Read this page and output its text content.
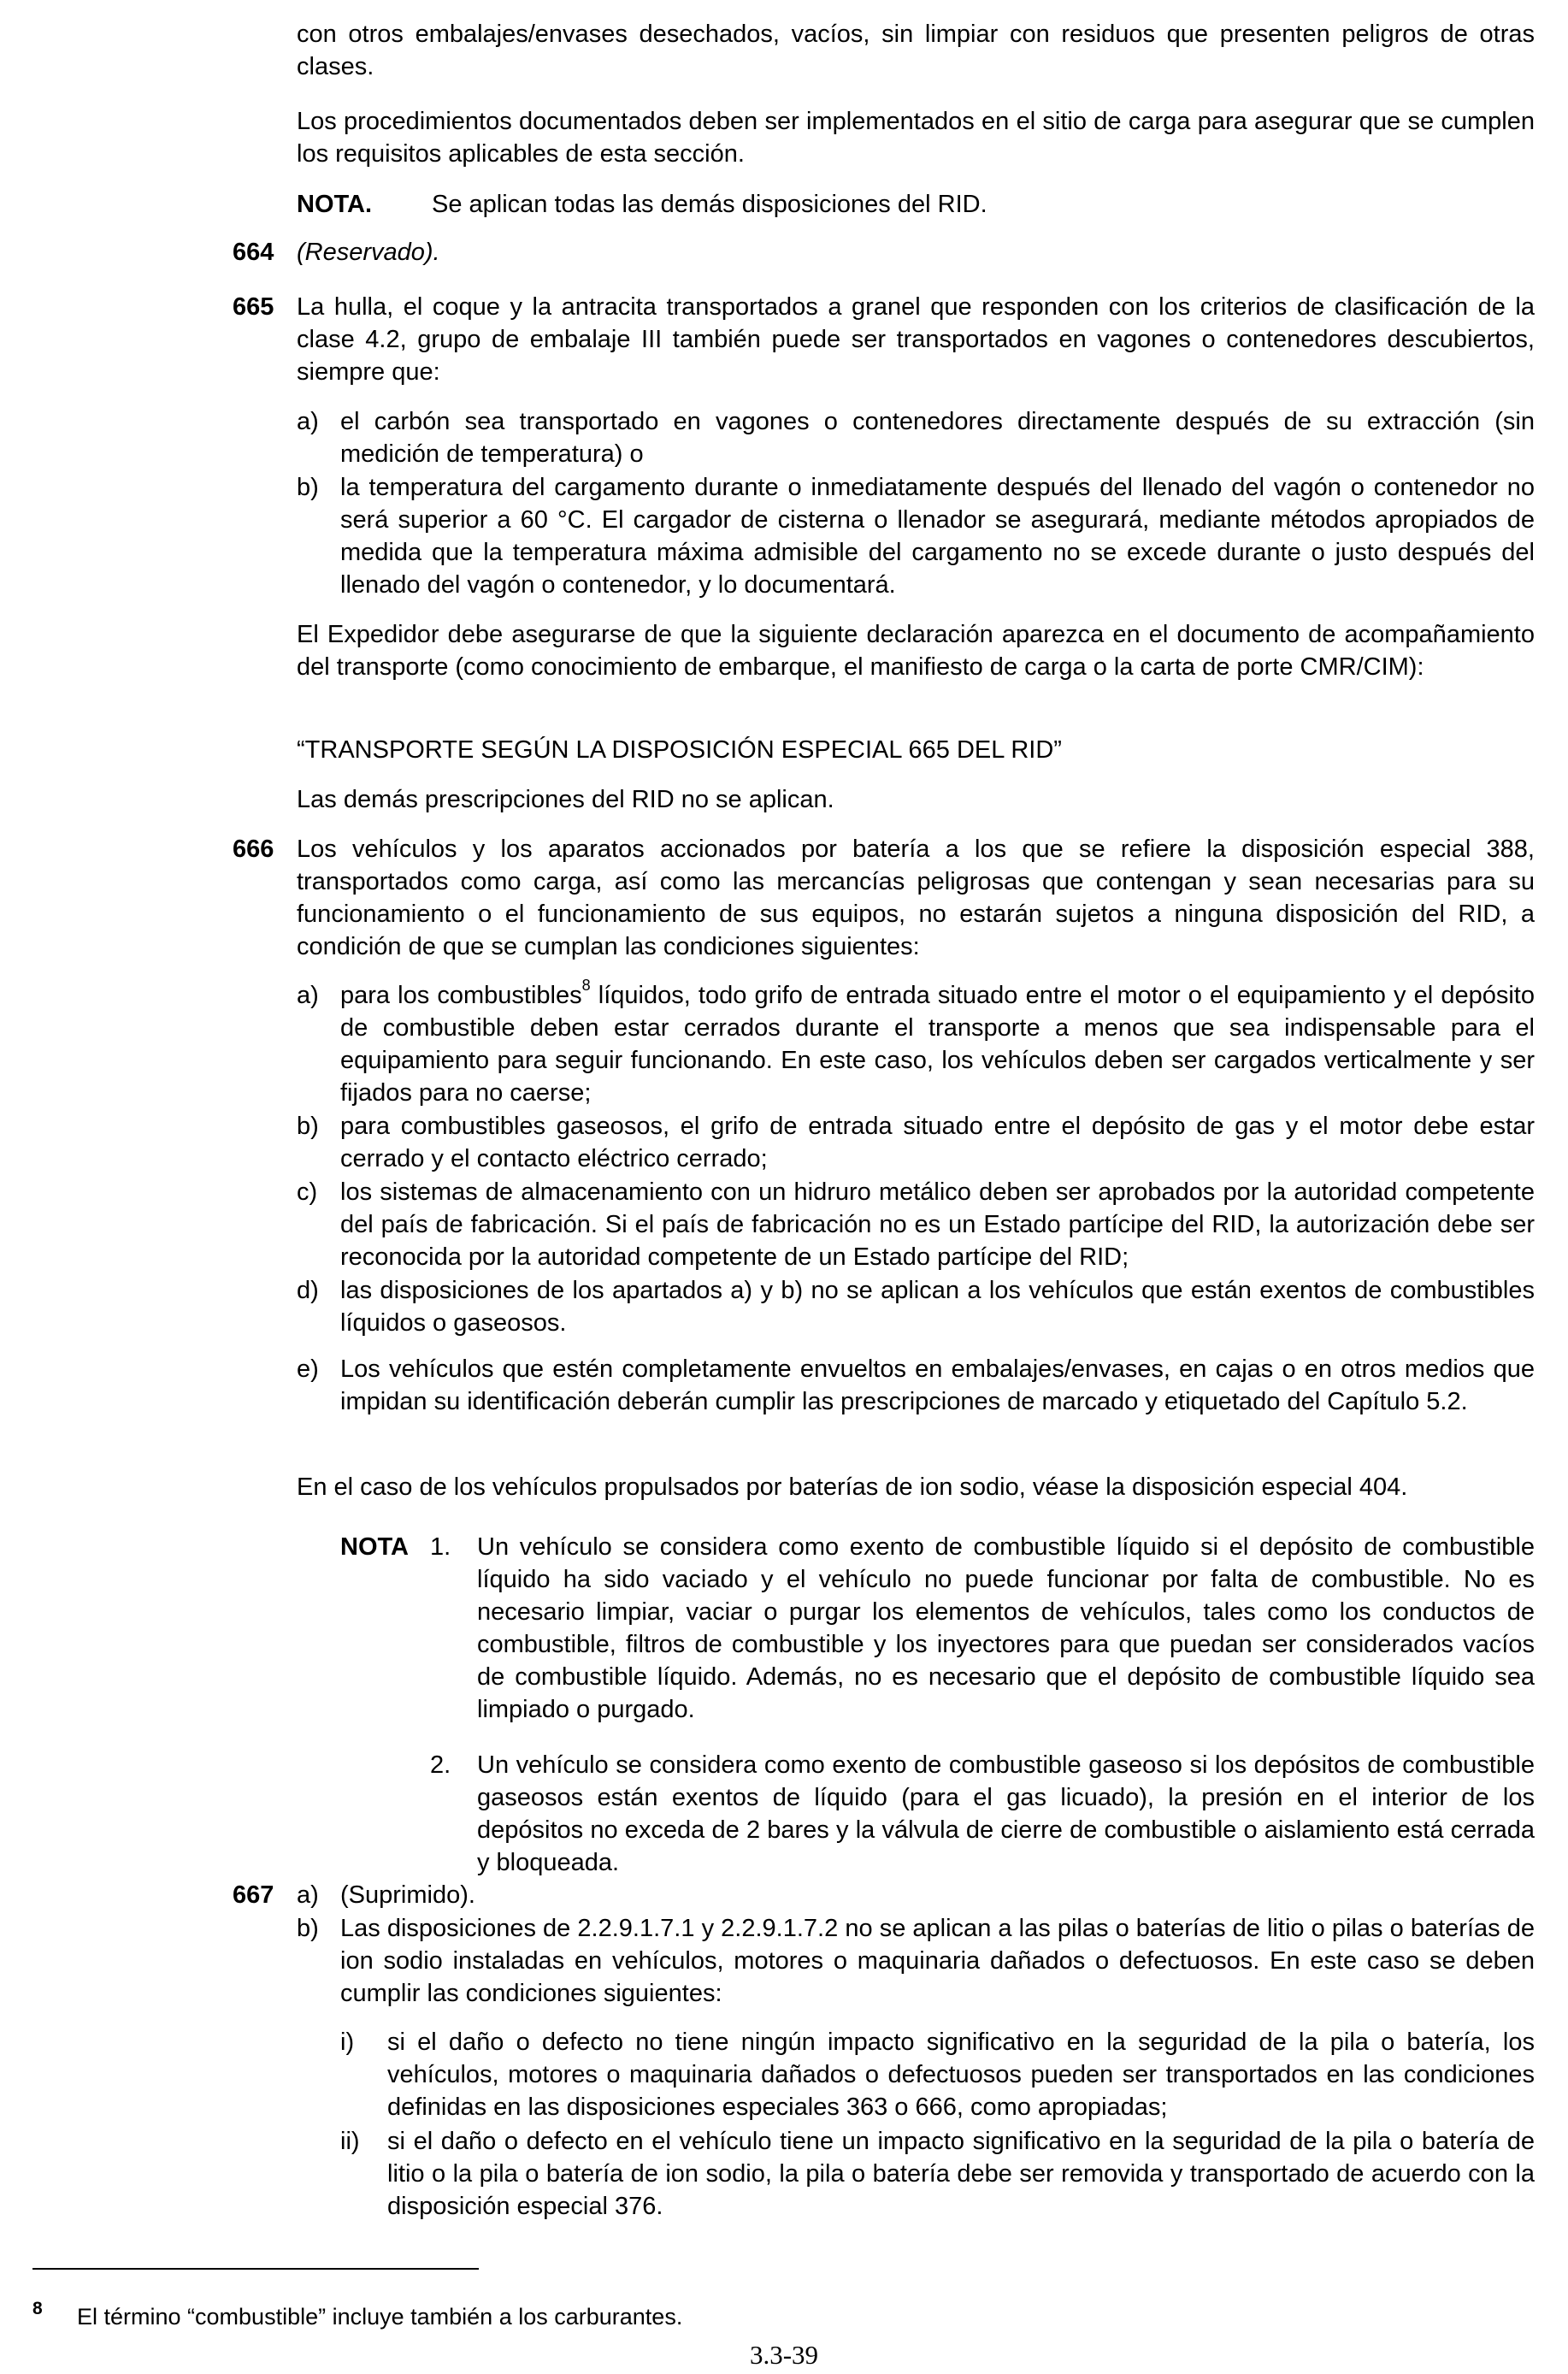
con otros embalajes/envases desechados, vacíos, sin limpiar con residuos que presenten peligros de otras clases.

Los procedimientos documentados deben ser implementados en el sitio de carga para asegurar que se cumplen los requisitos aplicables de esta sección.

NOTA. Se aplican todas las demás disposiciones del RID.

664 (Reservado).

665 La hulla, el coque y la antracita transportados a granel que responden con los criterios de clasificación de la clase 4.2, grupo de embalaje III también puede ser transportados en vagones o contenedores descubiertos, siempre que:

a) el carbón sea transportado en vagones o contenedores directamente después de su extracción (sin medición de temperatura) o

b) la temperatura del cargamento durante o inmediatamente después del llenado del vagón o contenedor no será superior a 60 °C. El cargador de cisterna o llenador se asegurará, mediante métodos apropiados de medida que la temperatura máxima admisible del cargamento no se excede durante o justo después del llenado del vagón o contenedor, y lo documentará.

El Expedidor debe asegurarse de que la siguiente declaración aparezca en el documento de acompañamiento del transporte (como conocimiento de embarque, el manifiesto de carga o la carta de porte CMR/CIM):

“TRANSPORTE SEGÚN LA DISPOSICIÓN ESPECIAL 665 DEL RID”

Las demás prescripciones del RID no se aplican.

666 Los vehículos y los aparatos accionados por batería a los que se refiere la disposición especial 388, transportados como carga, así como las mercancías peligrosas que contengan y sean necesarias para su funcionamiento o el funcionamiento de sus equipos, no estarán sujetos a ninguna disposición del RID, a condición de que se cumplan las condiciones siguientes:

a) para los combustibles$^8$ líquidos, todo grifo de entrada situado entre el motor o el equipamiento y el depósito de combustible deben estar cerrados durante el transporte a menos que sea indispensable para el equipamiento para seguir funcionando. En este caso, los vehículos deben ser cargados verticalmente y ser fijados para no caerse;

b) para combustibles gaseosos, el grifo de entrada situado entre el depósito de gas y el motor debe estar cerrado y el contacto eléctrico cerrado;

c) los sistemas de almacenamiento con un hidruro metálico deben ser aprobados por la autoridad competente del país de fabricación. Si el país de fabricación no es un Estado partícipe del RID, la autorización debe ser reconocida por la autoridad competente de un Estado partícipe del RID;

d) las disposiciones de los apartados a) y b) no se aplican a los vehículos que están exentos de combustibles líquidos o gaseosos.

e) Los vehículos que estén completamente envueltos en embalajes/envases, en cajas o en otros medios que impidan su identificación deberán cumplir las prescripciones de marcado y etiquetado del Capítulo 5.2.

En el caso de los vehículos propulsados por baterías de ion sodio, véase la disposición especial 404.

NOTA 1. Un vehículo se considera como exento de combustible líquido si el depósito de combustible líquido ha sido vaciado y el vehículo no puede funcionar por falta de combustible. No es necesario limpiar, vaciar o purgar los elementos de vehículos, tales como los conductos de combustible, filtros de combustible y los inyectores para que puedan ser considerados vacíos de combustible líquido. Además, no es necesario que el depósito de combustible líquido sea limpiado o purgado.

2. Un vehículo se considera como exento de combustible gaseoso si los depósitos de combustible gaseosos están exentos de líquido (para el gas licuado), la presión en el interior de los depósitos no exceda de 2 bares y la válvula de cierre de combustible o aislamiento está cerrada y bloqueada.

667 a) (Suprimido).

b) Las disposiciones de 2.2.9.1.7.1 y 2.2.9.1.7.2 no se aplican a las pilas o baterías de litio o pilas o baterías de ion sodio instaladas en vehículos, motores o maquinaria dañados o defectuosos. En este caso se deben cumplir las condiciones siguientes:

i) si el daño o defecto no tiene ningún impacto significativo en la seguridad de la pila o batería, los vehículos, motores o maquinaria dañados o defectuosos pueden ser transportados en las condiciones definidas en las disposiciones especiales 363 o 666, como apropiadas;

ii) si el daño o defecto en el vehículo tiene un impacto significativo en la seguridad de la pila o batería de litio o la pila o batería de ion sodio, la pila o batería debe ser removida y transportado de acuerdo con la disposición especial 376.

8 El término “combustible” incluye también a los carburantes.
3.3-39
